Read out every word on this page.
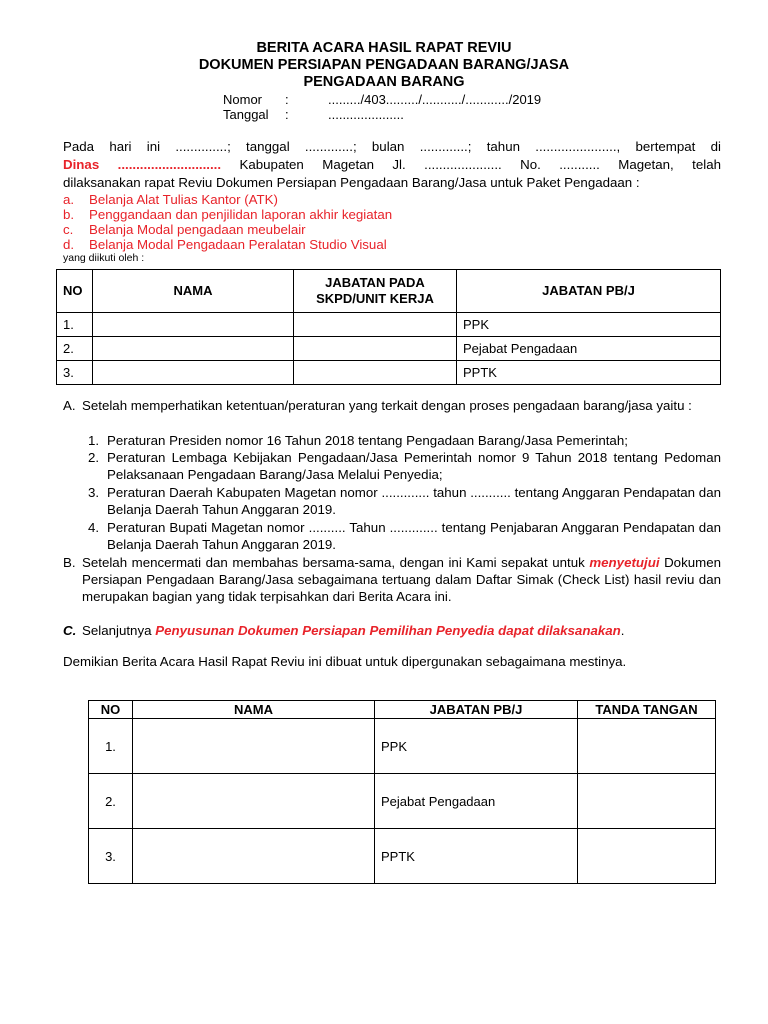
BERITA ACARA HASIL RAPAT REVIU
DOKUMEN PERSIAPAN PENGADAAN BARANG/JASA
PENGADAAN BARANG
Nomor :	........./403........./.........../............/2019
Tanggal :	.....................
Pada hari ini ..............; tanggal .............; bulan .............; tahun ......................, bertempat di
Dinas ............................ Kabupaten Magetan Jl. ..................... No. ........... Magetan, telah
dilaksanakan rapat Reviu Dokumen Persiapan Pengadaan Barang/Jasa untuk Paket Pengadaan :
a. Belanja Alat Tulias Kantor (ATK)
b. Penggandaan dan penjilidan laporan akhir kegiatan
c. Belanja Modal pengadaan meubelair
d. Belanja Modal Pengadaan Peralatan Studio Visual
yang diikuti oleh :
NO	NAMA	JABATAN PADA SKPD/UNIT KERJA	JABATAN PB/J
1.			PPK
2.			Pejabat Pengadaan
3.			PPTK
A. Setelah memperhatikan ketentuan/peraturan yang terkait dengan proses pengadaan barang/jasa yaitu :
1. Peraturan Presiden nomor 16 Tahun 2018 tentang Pengadaan Barang/Jasa Pemerintah;
2. Peraturan Lembaga Kebijakan Pengadaan/Jasa Pemerintah nomor 9 Tahun 2018 tentang Pedoman Pelaksanaan Pengadaan Barang/Jasa Melalui Penyedia;
3. Peraturan Daerah Kabupaten Magetan nomor ............. tahun ........... tentang Anggaran Pendapatan dan Belanja Daerah Tahun Anggaran 2019.
4. Peraturan Bupati Magetan nomor .......... Tahun ............. tentang Penjabaran Anggaran Pendapatan dan Belanja Daerah Tahun Anggaran 2019.
B. Setelah mencermati dan membahas bersama-sama, dengan ini Kami sepakat untuk menyetujui Dokumen Persiapan Pengadaan Barang/Jasa sebagaimana tertuang dalam Daftar Simak (Check List) hasil reviu dan merupakan bagian yang tidak terpisahkan dari Berita Acara ini.
C. Selanjutnya Penyusunan Dokumen Persiapan Pemilihan Penyedia dapat dilaksanakan.
Demikian Berita Acara Hasil Rapat Reviu ini dibuat untuk dipergunakan sebagaimana mestinya.
NO	NAMA	JABATAN PB/J	TANDA TANGAN
1.		PPK	
2.		Pejabat Pengadaan	
3.		PPTK	
